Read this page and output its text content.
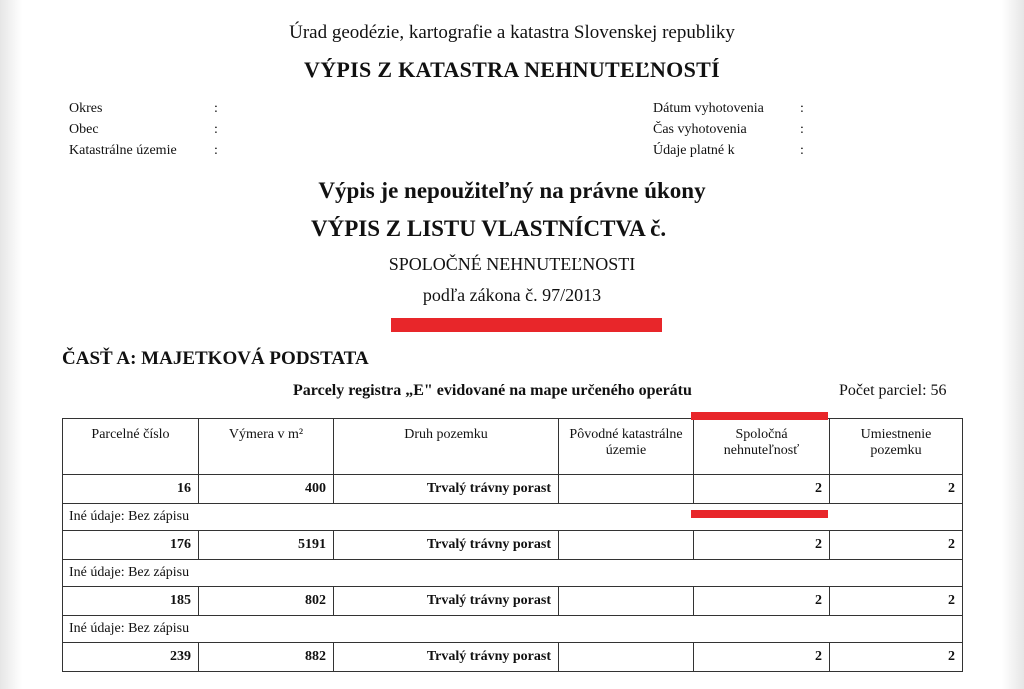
Úrad geodézie, kartografie a katastra Slovenskej republiky
VÝPIS Z KATASTRA NEHNUTEĽNOSTÍ
Okres	:
Obec	:
Katastrálne územie	:
Dátum vyhotovenia	:
Čas vyhotovenia	:
Údaje platné k	:
Výpis je nepoužiteľný na právne úkony
VÝPIS Z LISTU VLASTNÍCTVA č.
SPOLOČNÉ NEHNUTEĽNOSTI
podľa zákona č. 97/2013
ČASŤ A: MAJETKOVÁ PODSTATA
Parcely registra „E" evidované na mape určeného operátu	Počet parciel: 56
Parcelné číslo	Výmera v m²	Druh pozemku	Pôvodné katastrálne územie	Spoločná nehnuteľnosť	Umiestnenie pozemku
16	400	Trvalý trávny porast		2	2
Iné údaje: Bez zápisu					
176	5191	Trvalý trávny porast		2	2
Iné údaje: Bez zápisu					
185	802	Trvalý trávny porast		2	2
Iné údaje: Bez zápisu					
239	882	Trvalý trávny porast		2	2
